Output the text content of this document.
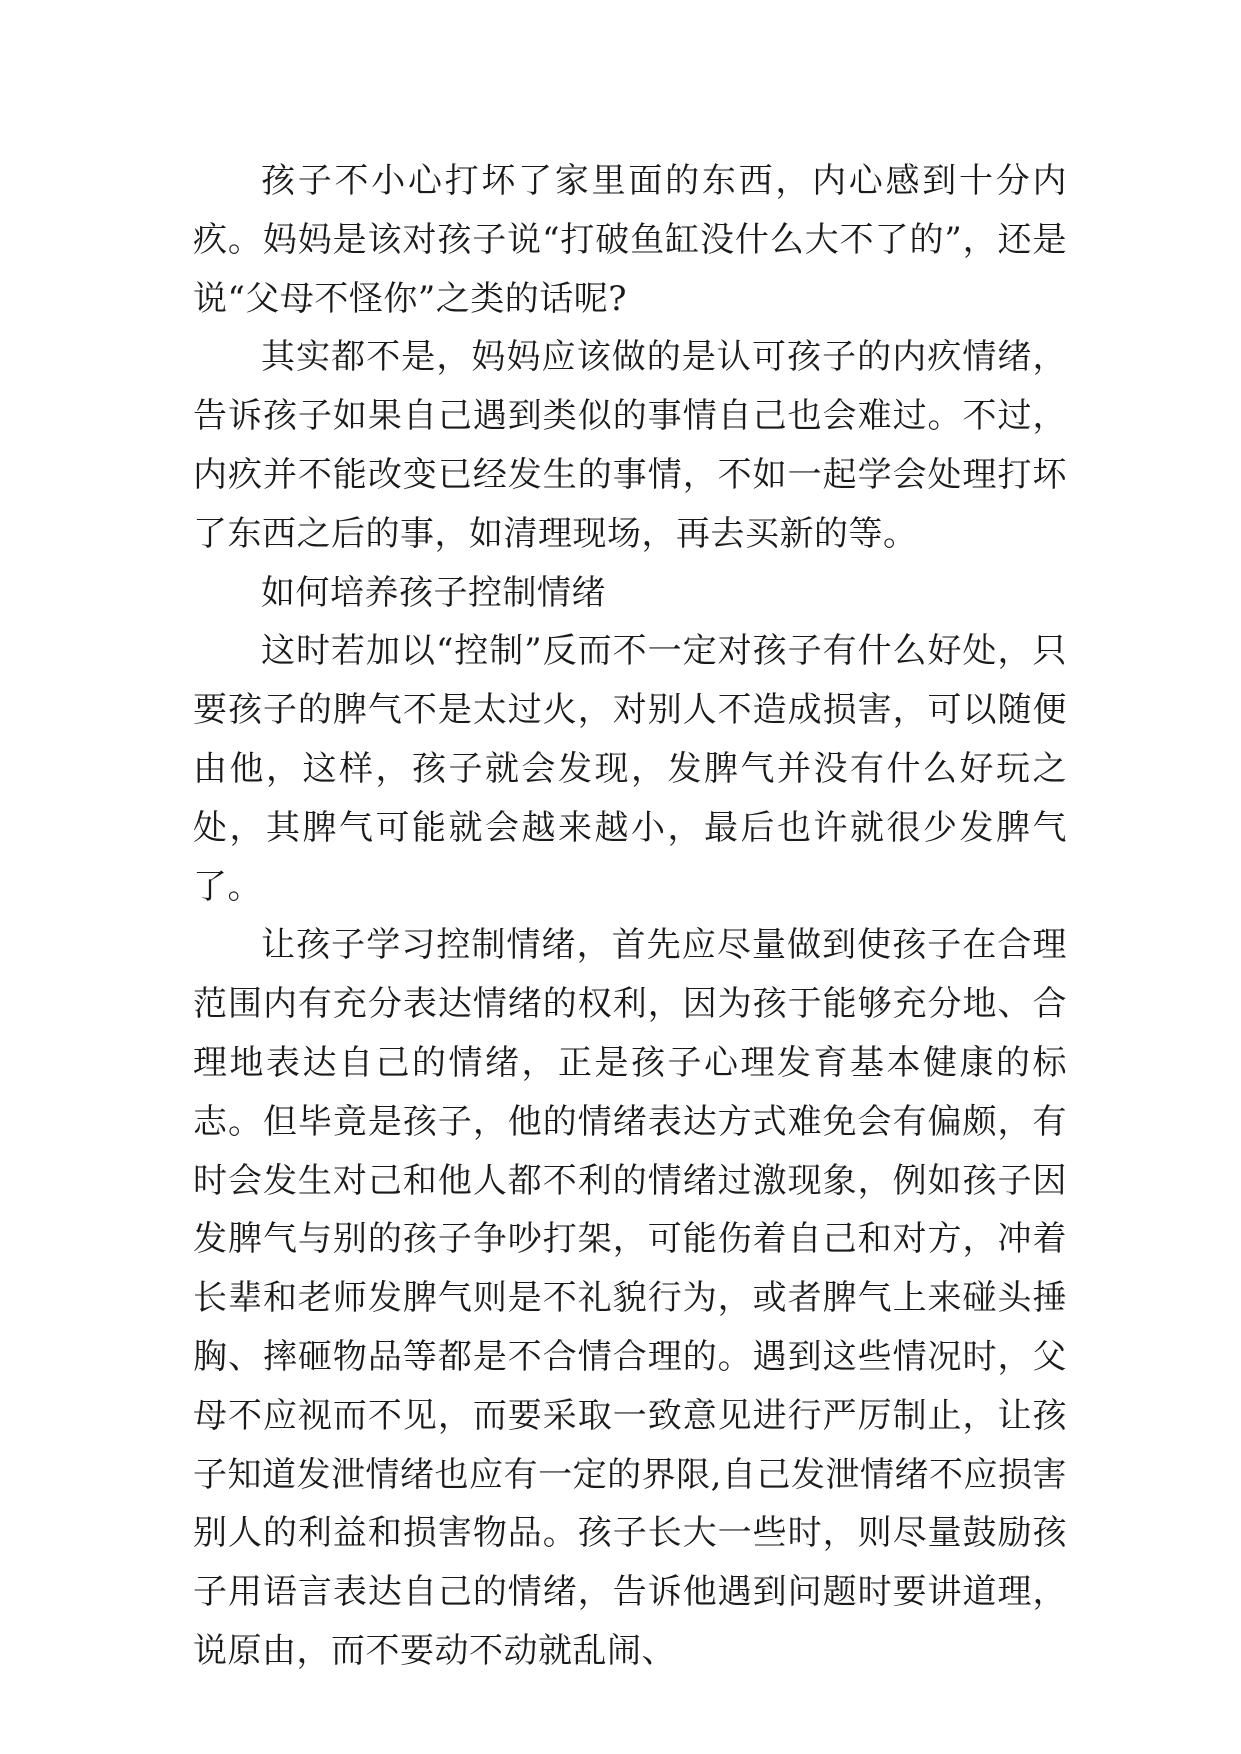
孩子不小心打坏了家里面的东西，内心感到十分内疚。妈妈是该对孩子说“打破鱼缸没什么大不了的”，还是说“父母不怪你”之类的话呢?

其实都不是，妈妈应该做的是认可孩子的内疚情绪，告诉孩子如果自己遇到类似的事情自己也会难过。不过，内疚并不能改变已经发生的事情，不如一起学会处理打坏了东西之后的事，如清理现场，再去买新的等。

如何培养孩子控制情绪

这时若加以“控制”反而不一定对孩子有什么好处，只要孩子的脾气不是太过火，对别人不造成损害，可以随便由他，这样，孩子就会发现，发脾气并没有什么好玩之处，其脾气可能就会越来越小，最后也许就很少发脾气了。

让孩子学习控制情绪，首先应尽量做到使孩子在合理范围内有充分表达情绪的权利，因为孩于能够充分地、合理地表达自己的情绪，正是孩子心理发育基本健康的标志。但毕竟是孩子，他的情绪表达方式难免会有偏颇，有时会发生对己和他人都不利的情绪过激现象，例如孩子因发脾气与别的孩子争吵打架，可能伤着自己和对方，冲着长辈和老师发脾气则是不礼貌行为，或者脾气上来碰头捶胸、摔砸物品等都是不合情合理的。遇到这些情况时，父母不应视而不见，而要采取一致意见进行严厉制止，让孩子知道发泄情绪也应有一定的界限,自己发泄情绪不应损害别人的利益和损害物品。孩子长大一些时，则尽量鼓励孩子用语言表达自己的情绪，告诉他遇到问题时要讲道理，说原由，而不要动不动就乱闹、
